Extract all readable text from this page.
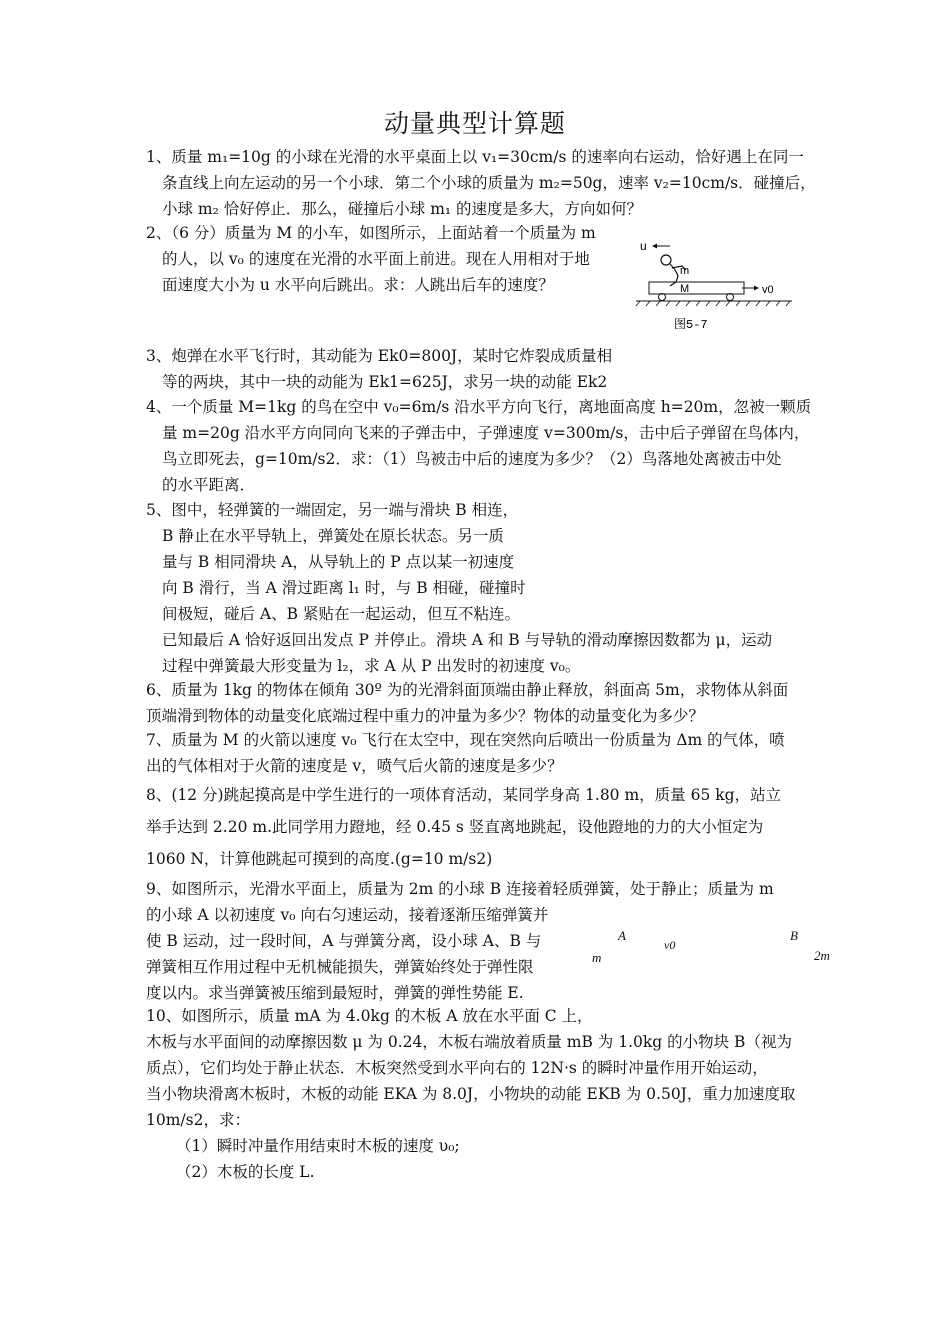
动量典型计算题

1、质量 m₁=10g 的小球在光滑的水平桌面上以 v₁=30cm/s 的速率向右运动，恰好遇上在同一

条直线上向左运动的另一个小球．第二个小球的质量为 m₂=50g，速率 v₂=10cm/s．碰撞后，

小球 m₂ 恰好停止．那么，碰撞后小球 m₁ 的速度是多大，方向如何？

2、（6 分）质量为 M 的小车，如图所示，上面站着一个质量为 m

的人，以 v₀ 的速度在光滑的水平面上前进。现在人用相对于地

面速度大小为 u 水平向后跳出。求：人跳出后车的速度？

u
m
M	v0
图5-7

3、炮弹在水平飞行时，其动能为 Ek0=800J，某时它炸裂成质量相

等的两块，其中一块的动能为 Ek1=625J，求另一块的动能 Ek2

4、一个质量 M=1kg 的鸟在空中 v₀=6m/s 沿水平方向飞行，离地面高度 h=20m，忽被一颗质

量 m=20g 沿水平方向同向飞来的子弹击中，子弹速度 v=300m/s，击中后子弹留在鸟体内，

鸟立即死去，g=10m/s2．求：（1）鸟被击中后的速度为多少？（2）鸟落地处离被击中处

的水平距离．

5、图中，轻弹簧的一端固定，另一端与滑块 B 相连，

B 静止在水平导轨上，弹簧处在原长状态。另一质

量与 B 相同滑块 A，从导轨上的 P 点以某一初速度

向 B 滑行，当 A 滑过距离 l₁ 时，与 B 相碰，碰撞时

间极短，碰后 A、B 紧贴在一起运动，但互不粘连。

已知最后 A 恰好返回出发点 P 并停止。滑块 A 和 B 与导轨的滑动摩擦因数都为 μ，运动

过程中弹簧最大形变量为 l₂，求 A 从 P 出发时的初速度 v₀。

6、质量为 1kg 的物体在倾角 30º 为的光滑斜面顶端由静止释放，斜面高 5m，求物体从斜面

顶端滑到物体的动量变化底端过程中重力的冲量为多少？物体的动量变化为多少？

7、质量为 M 的火箭以速度 v₀ 飞行在太空中，现在突然向后喷出一份质量为 Δm 的气体，喷

出的气体相对于火箭的速度是 v，喷气后火箭的速度是多少？

8、(12 分)跳起摸高是中学生进行的一项体育活动，某同学身高 1.80 m，质量 65 kg，站立

举手达到 2.20 m.此同学用力蹬地，经 0.45 s 竖直离地跳起，设他蹬地的力的大小恒定为

1060 N，计算他跳起可摸到的高度.(g=10 m/s2)

9、如图所示，光滑水平面上，质量为 2m 的小球 B 连接着轻质弹簧，处于静止；质量为 m

的小球 A 以初速度 v₀ 向右匀速运动，接着逐渐压缩弹簧并

使 B 运动，过一段时间，A 与弹簧分离，设小球 A、B 与

弹簧相互作用过程中无机械能损失，弹簧始终处于弹性限

度以内。求当弹簧被压缩到最短时，弹簧的弹性势能 E.

A
m
v0
B
2m

10、如图所示，质量 mA 为 4.0kg 的木板 A 放在水平面 C 上，

木板与水平面间的动摩擦因数 μ 为 0.24，木板右端放着质量 mB 为 1.0kg 的小物块 B（视为

质点），它们均处于静止状态．木板突然受到水平向右的 12N·s 的瞬时冲量作用开始运动，

当小物块滑离木板时，木板的动能 EKA 为 8.0J，小物块的动能 EKB 为 0.50J，重力加速度取

10m/s2，求：

（1）瞬时冲量作用结束时木板的速度 υ₀;

（2）木板的长度 L.
